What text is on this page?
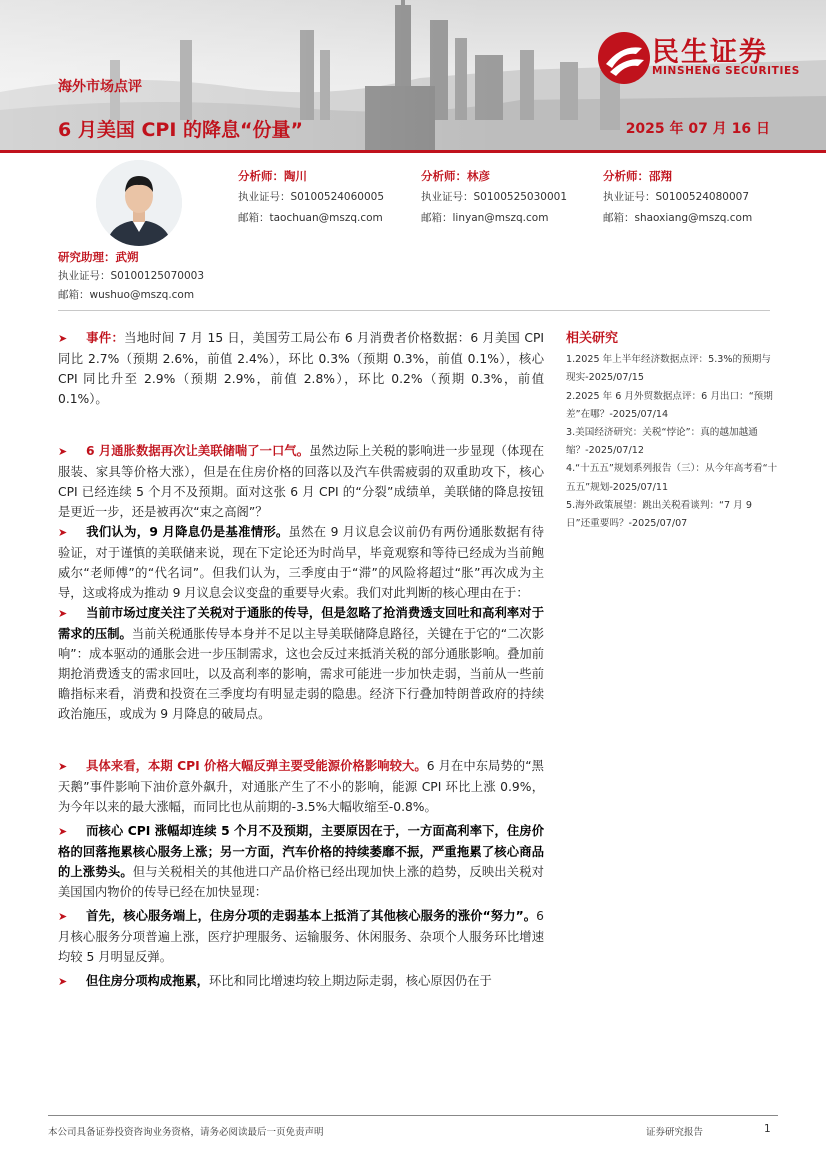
民生证券
MINSHENG SECURITIES
海外市场点评
6 月美国 CPI 的降息“份量”	2025 年 07 月 16 日
分析师：陶川
执业证号：S0100524060005
邮箱：taochuan@mszq.com
分析师：林彦
执业证号：S0100525030001
邮箱：linyan@mszq.com
分析师：邵翔
执业证号：S0100524080007
邮箱：shaoxiang@mszq.com
研究助理：武朔
执业证号：S0100125070003
邮箱：wushuo@mszq.com

➤ 事件：当地时间 7 月 15 日，美国劳工局公布 6 月消费者价格数据：6 月美国 CPI 同比 2.7%（预期 2.6%，前值 2.4%），环比 0.3%（预期 0.3%，前值 0.1%），核心 CPI 同比升至 2.9%（预期 2.9%，前值 2.8%），环比 0.2%（预期 0.3%，前值 0.1%）。

➤ 6 月通胀数据再次让美联储喘了一口气。虽然边际上关税的影响进一步显现（体现在服装、家具等价格大涨），但是在住房价格的回落以及汽车供需疲弱的双重助攻下，核心 CPI 已经连续 5 个月不及预期。面对这张 6 月 CPI 的“分裂”成绩单，美联储的降息按钮是更近一步，还是被再次“束之高阁”？

➤ 我们认为，9 月降息仍是基准情形。虽然在 9 月议息会议前仍有两份通胀数据有待验证，对于谨慎的美联储来说，现在下定论还为时尚早，毕竟观察和等待已经成为当前鲍威尔“老师傅”的“代名词”。但我们认为，三季度由于“滞”的风险将超过“胀”再次成为主导，这或将成为推动 9 月议息会议变盘的重要导火索。我们对此判断的核心理由在于：

➤ 当前市场过度关注了关税对于通胀的传导，但是忽略了抢消费透支回吐和高利率对于需求的压制。当前关税通胀传导本身并不足以主导美联储降息路径，关键在于它的“二次影响”：成本驱动的通胀会进一步压制需求，这也会反过来抵消关税的部分通胀影响。叠加前期抢消费透支的需求回吐，以及高利率的影响，需求可能进一步加快走弱，当前从一些前瞻指标来看，消费和投资在三季度均有明显走弱的隐患。经济下行叠加特朗普政府的持续政治施压，或成为 9 月降息的破局点。

➤ 具体来看，本期 CPI 价格大幅反弹主要受能源价格影响较大。6 月在中东局势的“黑天鹅”事件影响下油价意外飙升，对通胀产生了不小的影响，能源 CPI 环比上涨 0.9%，为今年以来的最大涨幅，而同比也从前期的-3.5%大幅收缩至-0.8%。

➤ 而核心 CPI 涨幅却连续 5 个月不及预期，主要原因在于，一方面高利率下，住房价格的回落拖累核心服务上涨；另一方面，汽车价格的持续萎靡不振，严重拖累了核心商品的上涨势头。但与关税相关的其他进口产品价格已经出现加快上涨的趋势，反映出关税对美国国内物价的传导已经在加快显现：

➤ 首先，核心服务端上，住房分项的走弱基本上抵消了其他核心服务的涨价“努力”。6 月核心服务分项普遍上涨，医疗护理服务、运输服务、休闲服务、杂项个人服务环比增速均较 5 月明显反弹。

➤ 但住房分项构成拖累，环比和同比增速均较上期边际走弱，核心原因仍在于

相关研究
1.2025 年上半年经济数据点评：5.3%的预期与现实-2025/07/15
2.2025 年 6 月外贸数据点评：6 月出口：“预期差”在哪？-2025/07/14
3.美国经济研究：关税“悖论”：真的越加越通缩？-2025/07/12
4.“十五五”规划系列报告（三）：从今年高考看“十五五”规划-2025/07/11
5.海外政策展望：跳出关税看谈判：“7 月 9 日”还重要吗？-2025/07/07
本公司具备证券投资咨询业务资格，请务必阅读最后一页免责声明	证券研究报告	1
